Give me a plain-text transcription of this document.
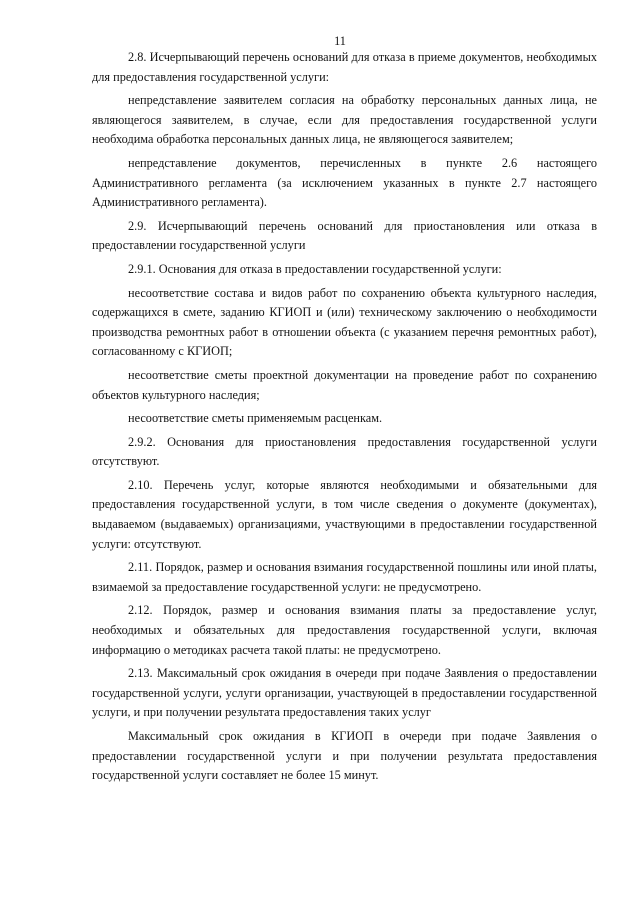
11

2.8. Исчерпывающий перечень оснований для отказа в приеме документов, необходимых для предоставления государственной услуги:

непредставление заявителем согласия на обработку персональных данных лица, не являющегося заявителем, в случае, если для предоставления государственной услуги необходима обработка персональных данных лица, не являющегося заявителем;

непредставление документов, перечисленных в пункте 2.6 настоящего Административного регламента (за исключением указанных в пункте 2.7 настоящего Административного регламента).

2.9. Исчерпывающий перечень оснований для приостановления или отказа в предоставлении государственной услуги

2.9.1. Основания для отказа в предоставлении государственной услуги:

несоответствие состава и видов работ по сохранению объекта культурного наследия, содержащихся в смете, заданию КГИОП и (или) техническому заключению о необходимости производства ремонтных работ в отношении объекта (с указанием перечня ремонтных работ), согласованному с КГИОП;

несоответствие сметы проектной документации на проведение работ по сохранению объектов культурного наследия;

несоответствие сметы применяемым расценкам.

2.9.2. Основания для приостановления предоставления государственной услуги отсутствуют.

2.10. Перечень услуг, которые являются необходимыми и обязательными для предоставления государственной услуги, в том числе сведения о документе (документах), выдаваемом (выдаваемых) организациями, участвующими в предоставлении государственной услуги: отсутствуют.

2.11. Порядок, размер и основания взимания государственной пошлины или иной платы, взимаемой за предоставление государственной услуги: не предусмотрено.

2.12. Порядок, размер и основания взимания платы за предоставление услуг, необходимых и обязательных для предоставления государственной услуги, включая информацию о методиках расчета такой платы: не предусмотрено.

2.13. Максимальный срок ожидания в очереди при подаче Заявления о предоставлении государственной услуги, услуги организации, участвующей в предоставлении государственной услуги, и при получении результата предоставления таких услуг

Максимальный срок ожидания в КГИОП в очереди при подаче Заявления о предоставлении государственной услуги и при получении результата предоставления государственной услуги составляет не более 15 минут.
